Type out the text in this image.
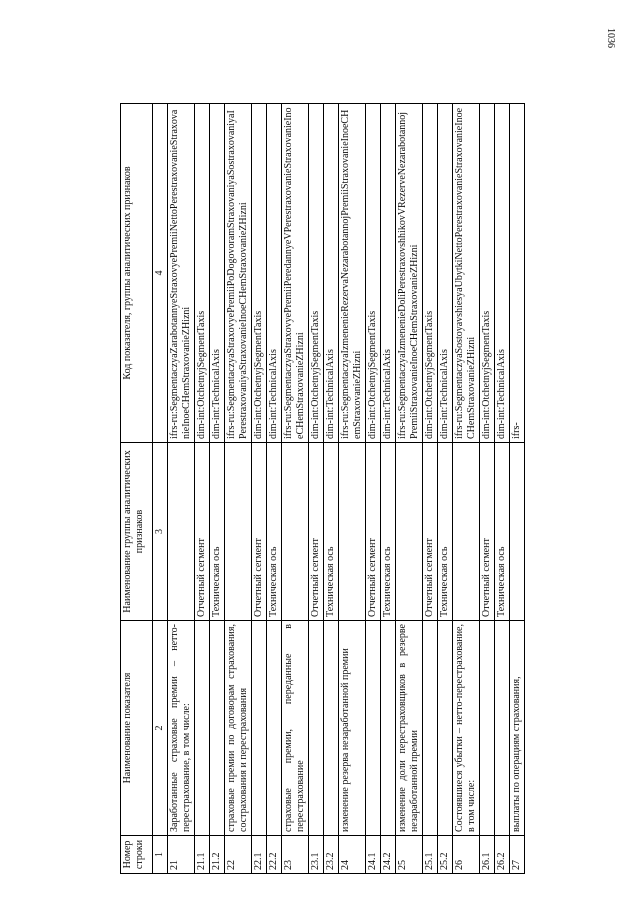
1036
Номер строки	Наименование показателя	Наименование группы аналитических признаков	Код показателя, группы аналитических признаков
1	2	3	4
21	Заработанные страховые премии – нетто-перестрахование, в том числе:		ifrs-ru:SegmentaczyaZarabotannyeStraxovyePremiiNettoPerestraxovanieStraxovanieInoeCHemStraxovanieZHizni
21.1		Отчетный сегмент	dim-int:OtchetnyjSegmentTaxis
21.2		Техническая ось	dim-int:TechnicalAxis
22	страховые премии по договорам страхования, сострахования и перестрахования		ifrs-ru:SegmentaczyaStraxovyePremiiPoDogovoramStraxovaniyaSostraxovaniyaIPerestraxovaniyaStraxovanieInoeCHemStraxovanieZHizni
22.1		Отчетный сегмент	dim-int:OtchetnyjSegmentTaxis
22.2		Техническая ось	dim-int:TechnicalAxis
23	страховые премии, переданные в перестрахование		ifrs-ru:SegmentaczyaStraxovyePremiiPeredannyeVPerestraxovanieStraxovanieInoeCHemStraxovanieZHizni
23.1		Отчетный сегмент	dim-int:OtchetnyjSegmentTaxis
23.2		Техническая ось	dim-int:TechnicalAxis
24	изменение резерва незаработанной премии		ifrs-ru:SegmentaczyaIzmenenieRezervaNezarabotannojPremiiStraxovanieInoeCHemStraxovanieZHizni
24.1		Отчетный сегмент	dim-int:OtchetnyjSegmentTaxis
24.2		Техническая ось	dim-int:TechnicalAxis
25	изменение доли перестраховщиков в резерве незаработанной премии		ifrs-ru:SegmentaczyaIzmenenieDoliPerestraxovshhikovVRezerveNezarabotannojPremiiStraxovanieInoeCHemStraxovanieZHizni
25.1		Отчетный сегмент	dim-int:OtchetnyjSegmentTaxis
25.2		Техническая ось	dim-int:TechnicalAxis
26	Состоявшиеся убытки – нетто-перестрахование, в том числе:		ifrs-ru:SegmentaczyaSostoyavshiesyaUbytkiNettoPerestraxovanieStraxovanieInoeCHemStraxovanieZHizni
26.1		Отчетный сегмент	dim-int:OtchetnyjSegmentTaxis
26.2		Техническая ось	dim-int:TechnicalAxis
27	выплаты по операциям страхования,		ifrs-
